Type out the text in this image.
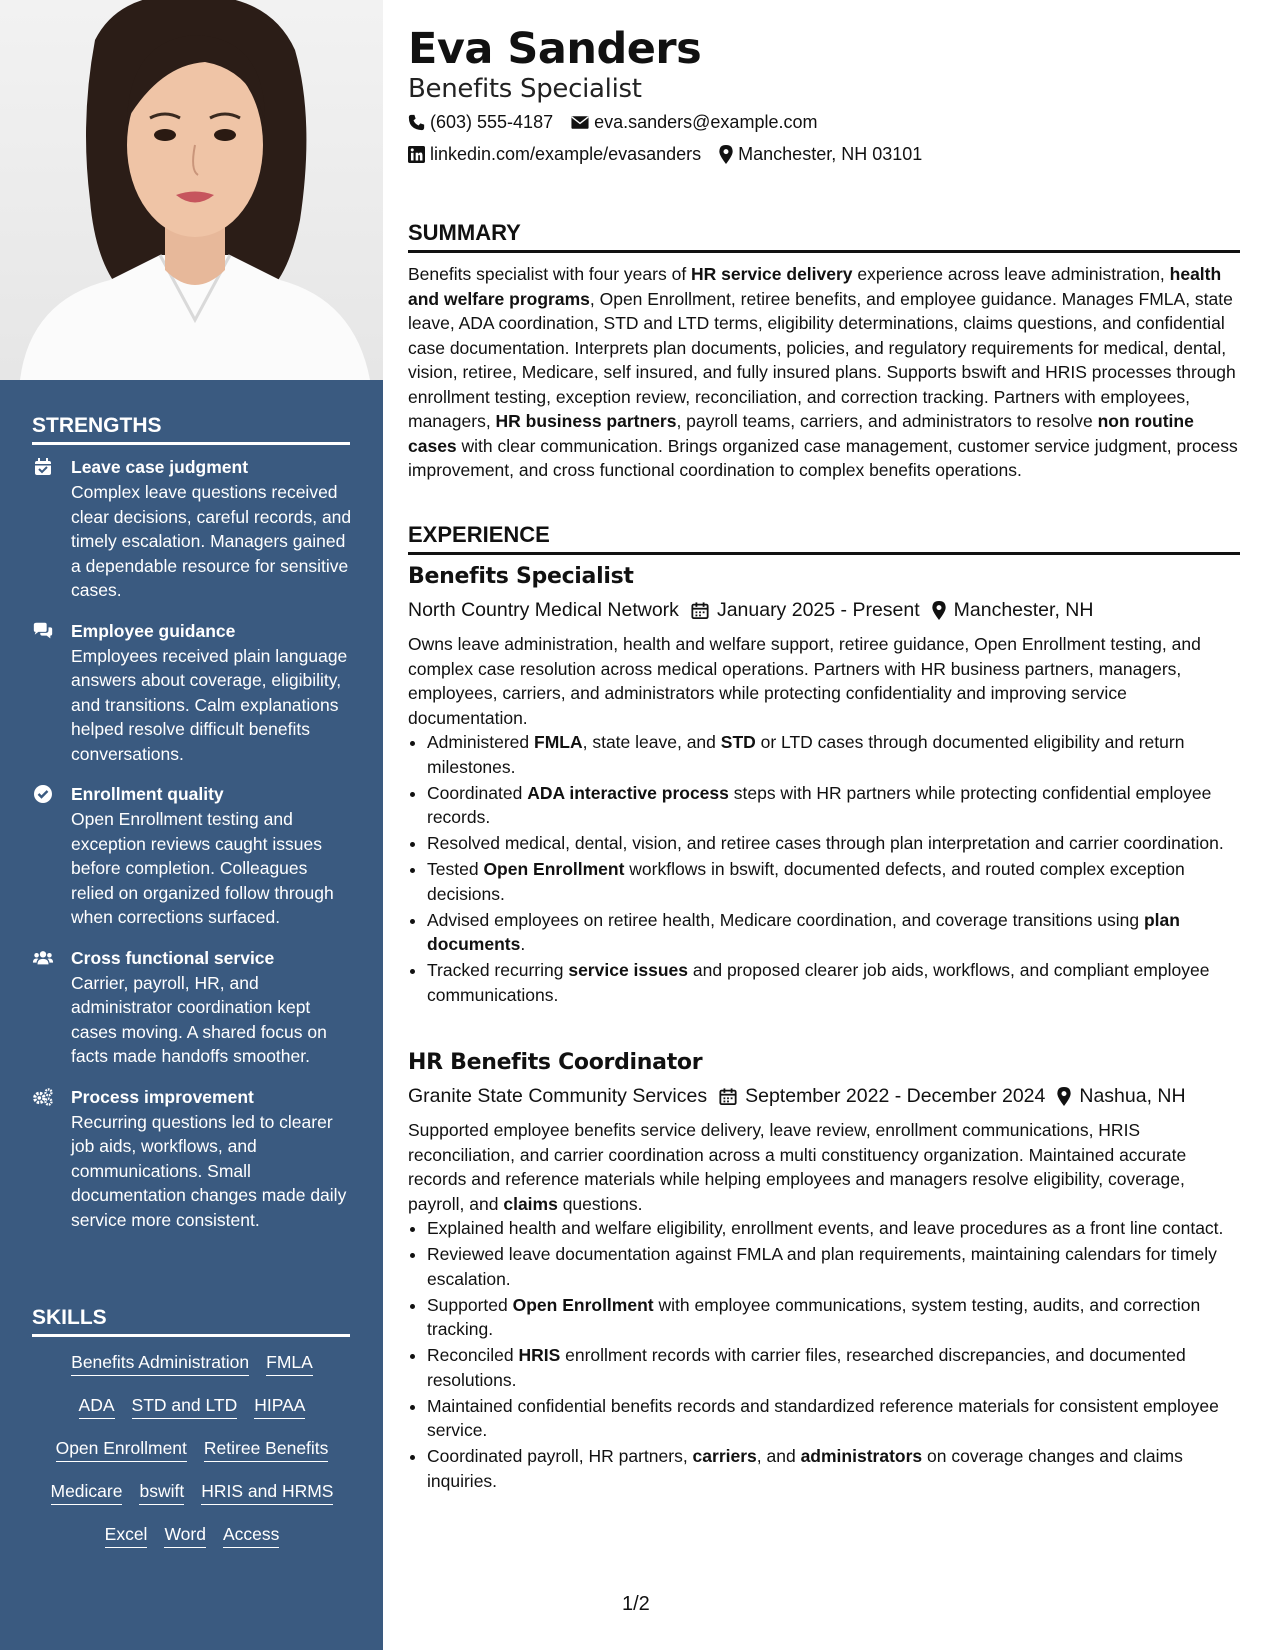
STRENGTHS
Leave case judgment
Complex leave questions received clear decisions, careful records, and timely escalation. Managers gained a dependable resource for sensitive cases.
Employee guidance
Employees received plain language answers about coverage, eligibility, and transitions. Calm explanations helped resolve difficult benefits conversations.
Enrollment quality
Open Enrollment testing and exception reviews caught issues before completion. Colleagues relied on organized follow through when corrections surfaced.
Cross functional service
Carrier, payroll, HR, and administrator coordination kept cases moving. A shared focus on facts made handoffs smoother.
Process improvement
Recurring questions led to clearer job aids, workflows, and communications. Small documentation changes made daily service more consistent.
SKILLS
Benefits Administration FMLA
ADA STD and LTD HIPAA
Open Enrollment Retiree Benefits
Medicare bswift HRIS and HRMS
Excel Word Access
Eva Sanders
Benefits Specialist
(603) 555-4187 eva.sanders@example.com
linkedin.com/example/evasanders Manchester, NH 03101
SUMMARY
Benefits specialist with four years of HR service delivery experience across leave administration, health and welfare programs, Open Enrollment, retiree benefits, and employee guidance. Manages FMLA, state leave, ADA coordination, STD and LTD terms, eligibility determinations, claims questions, and confidential case documentation. Interprets plan documents, policies, and regulatory requirements for medical, dental, vision, retiree, Medicare, self insured, and fully insured plans. Supports bswift and HRIS processes through enrollment testing, exception review, reconciliation, and correction tracking. Partners with employees, managers, HR business partners, payroll teams, carriers, and administrators to resolve non routine cases with clear communication. Brings organized case management, customer service judgment, process improvement, and cross functional coordination to complex benefits operations.
EXPERIENCE
Benefits Specialist
North Country Medical Network January 2025 - Present Manchester, NH
Owns leave administration, health and welfare support, retiree guidance, Open Enrollment testing, and complex case resolution across medical operations. Partners with HR business partners, managers, employees, carriers, and administrators while protecting confidentiality and improving service documentation.
• Administered FMLA, state leave, and STD or LTD cases through documented eligibility and return milestones.
• Coordinated ADA interactive process steps with HR partners while protecting confidential employee records.
• Resolved medical, dental, vision, and retiree cases through plan interpretation and carrier coordination.
• Tested Open Enrollment workflows in bswift, documented defects, and routed complex exception decisions.
• Advised employees on retiree health, Medicare coordination, and coverage transitions using plan documents.
• Tracked recurring service issues and proposed clearer job aids, workflows, and compliant employee communications.
HR Benefits Coordinator
Granite State Community Services September 2022 - December 2024 Nashua, NH
Supported employee benefits service delivery, leave review, enrollment communications, HRIS reconciliation, and carrier coordination across a multi constituency organization. Maintained accurate records and reference materials while helping employees and managers resolve eligibility, coverage, payroll, and claims questions.
• Explained health and welfare eligibility, enrollment events, and leave procedures as a front line contact.
• Reviewed leave documentation against FMLA and plan requirements, maintaining calendars for timely escalation.
• Supported Open Enrollment with employee communications, system testing, audits, and correction tracking.
• Reconciled HRIS enrollment records with carrier files, researched discrepancies, and documented resolutions.
• Maintained confidential benefits records and standardized reference materials for consistent employee service.
• Coordinated payroll, HR partners, carriers, and administrators on coverage changes and claims inquiries.
1/2
